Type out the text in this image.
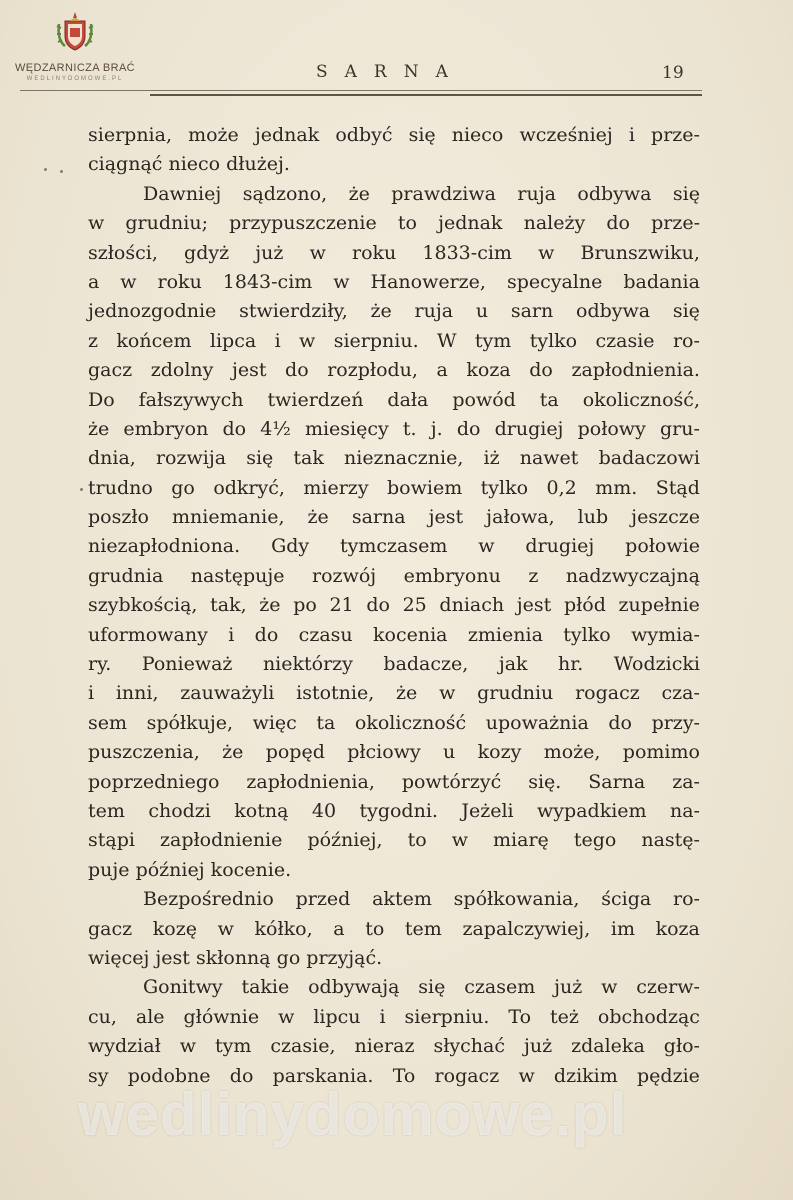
WĘDZARNICZA BRAĆ
WEDLINYDOMOWE.PL	SARNA	19
sierpnia, może jednak odbyć się nieco wcześniej i prze-
ciągnąć nieco dłużej.
Dawniej sądzono, że prawdziwa ruja odbywa się
w grudniu; przypuszczenie to jednak należy do prze-
szłości, gdyż już w roku 1833-cim w Brunszwiku,
a w roku 1843-cim w Hanowerze, specyalne badania
jednozgodnie stwierdziły, że ruja u sarn odbywa się
z końcem lipca i w sierpniu. W tym tylko czasie ro-
gacz zdolny jest do rozpłodu, a koza do zapłodnienia.
Do fałszywych twierdzeń dała powód ta okoliczność,
że embryon do 4½ miesięcy t. j. do drugiej połowy gru-
dnia, rozwija się tak nieznacznie, iż nawet badaczowi
trudno go odkryć, mierzy bowiem tylko 0,2 mm. Stąd
poszło mniemanie, że sarna jest jałowa, lub jeszcze
niezapłodniona. Gdy tymczasem w drugiej połowie
grudnia następuje rozwój embryonu z nadzwyczajną
szybkością, tak, że po 21 do 25 dniach jest płód zupełnie
uformowany i do czasu kocenia zmienia tylko wymia-
ry. Ponieważ niektórzy badacze, jak hr. Wodzicki
i inni, zauważyli istotnie, że w grudniu rogacz cza-
sem spółkuje, więc ta okoliczność upoważnia do przy-
puszczenia, że popęd płciowy u kozy może, pomimo
poprzedniego zapłodnienia, powtórzyć się. Sarna za-
tem chodzi kotną 40 tygodni. Jeżeli wypadkiem na-
stąpi zapłodnienie później, to w miarę tego nastę-
puje później kocenie.
Bezpośrednio przed aktem spółkowania, ściga ro-
gacz kozę w kółko, a to tem zapalczywiej, im koza
więcej jest skłonną go przyjąć.
Gonitwy takie odbywają się czasem już w czerw-
cu, ale głównie w lipcu i sierpniu. To też obchodząc
wydział w tym czasie, nieraz słychać już zdaleka gło-
sy podobne do parskania. To rogacz w dzikim pędzie
wedlinydomowe.pl
